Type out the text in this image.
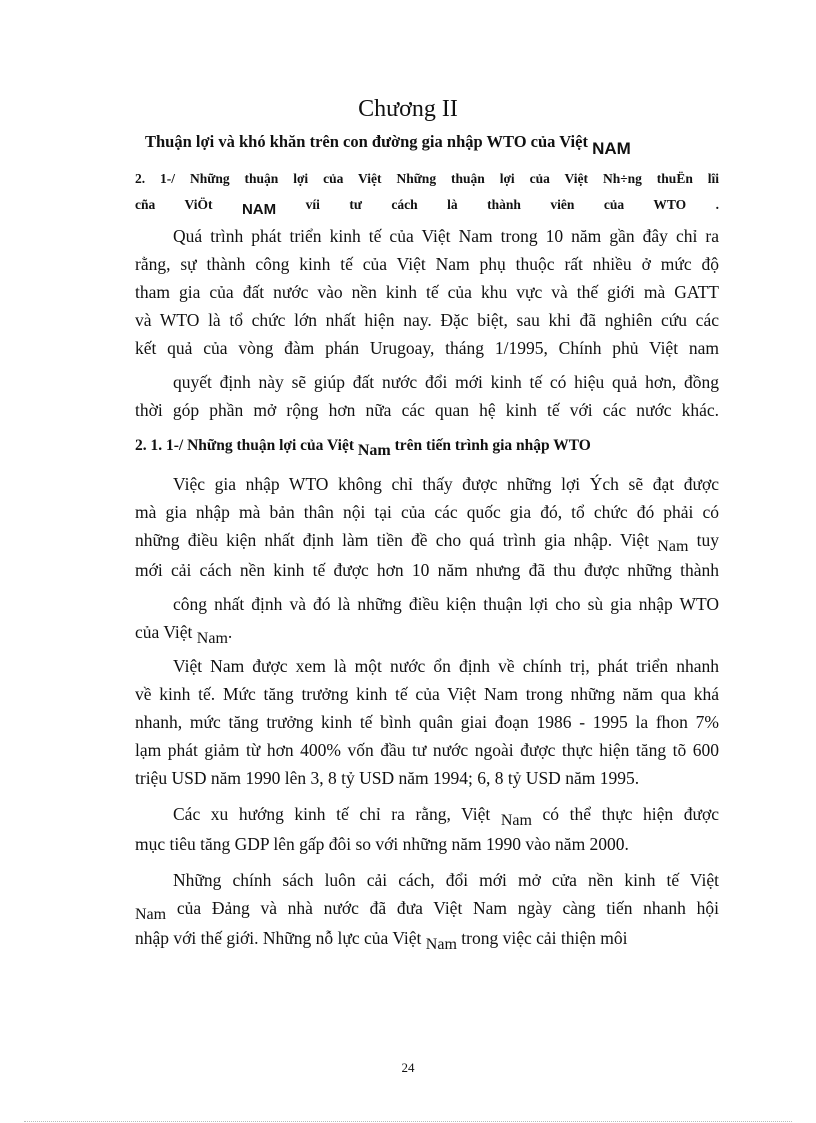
Chương II
Thuận lợi và khó khăn trên con đường gia nhập WTO của Việt NAM
2. 1-/ Những thuận lợi của Việt Những thuận lợi của Việt Nh÷ng thuËn lîi
cña ViÖt NAM víi tư cách là thành viên của WTO .
Quá trình phát triển kinh tế của Việt Nam trong 10 năm gần đây chỉ ra
rằng, sự thành công kinh tế của Việt Nam phụ thuộc rất nhiều ở mức độ
tham gia của đất nước vào nền kinh tế của khu vực và thế giới mà GATT
và WTO là tổ chức lớn nhất hiện nay. Đặc biệt, sau khi đã nghiên cứu các
kết quả của vòng đàm phán Urugoay, tháng 1/1995, Chính phủ Việt nam
quyết định này sẽ giúp đất nước đổi mới kinh tế có hiệu quả hơn, đồng
thời góp phần mở rộng hơn nữa các quan hệ kinh tế với các nước khác.
2. 1. 1-/ Những thuận lợi của Việt Nam trên tiến trình gia nhập WTO
Việc gia nhập WTO không chỉ thấy được những lợi Ých sẽ đạt được
mà gia nhập mà bản thân nội tại của các quốc gia đó, tổ chức đó phải có
những điều kiện nhất định làm tiền đề cho quá trình gia nhập. Việt Nam tuy
mới cải cách nền kinh tế được hơn 10 năm nhưng đã thu được những thành
công nhất định và đó là những điều kiện thuận lợi cho sù gia nhập WTO
của Việt Nam.
Việt Nam được xem là một nước ổn định về chính trị, phát triển nhanh
về kinh tế. Mức tăng trưởng kinh tế của Việt Nam trong những năm qua khá
nhanh, mức tăng trưởng kinh tế bình quân giai đoạn 1986 - 1995 la fhon 7%
lạm phát giảm từ hơn 400% vốn đầu tư nước ngoài được thực hiện tăng tõ 600
triệu USD năm 1990 lên 3, 8 tỷ USD năm 1994; 6, 8 tỷ USD năm 1995.
Các xu hướng kinh tế chỉ ra rằng, Việt Nam có thể thực hiện được
mục tiêu tăng GDP lên gấp đôi so với những năm 1990 vào năm 2000.
Những chính sách luôn cải cách, đổi mới mở cửa nền kinh tế Việt
Nam của Đảng và nhà nước đã đưa Việt Nam ngày càng tiến nhanh hội
nhập với thế giới. Những nỗ lực của Việt Nam trong việc cải thiện môi
24
